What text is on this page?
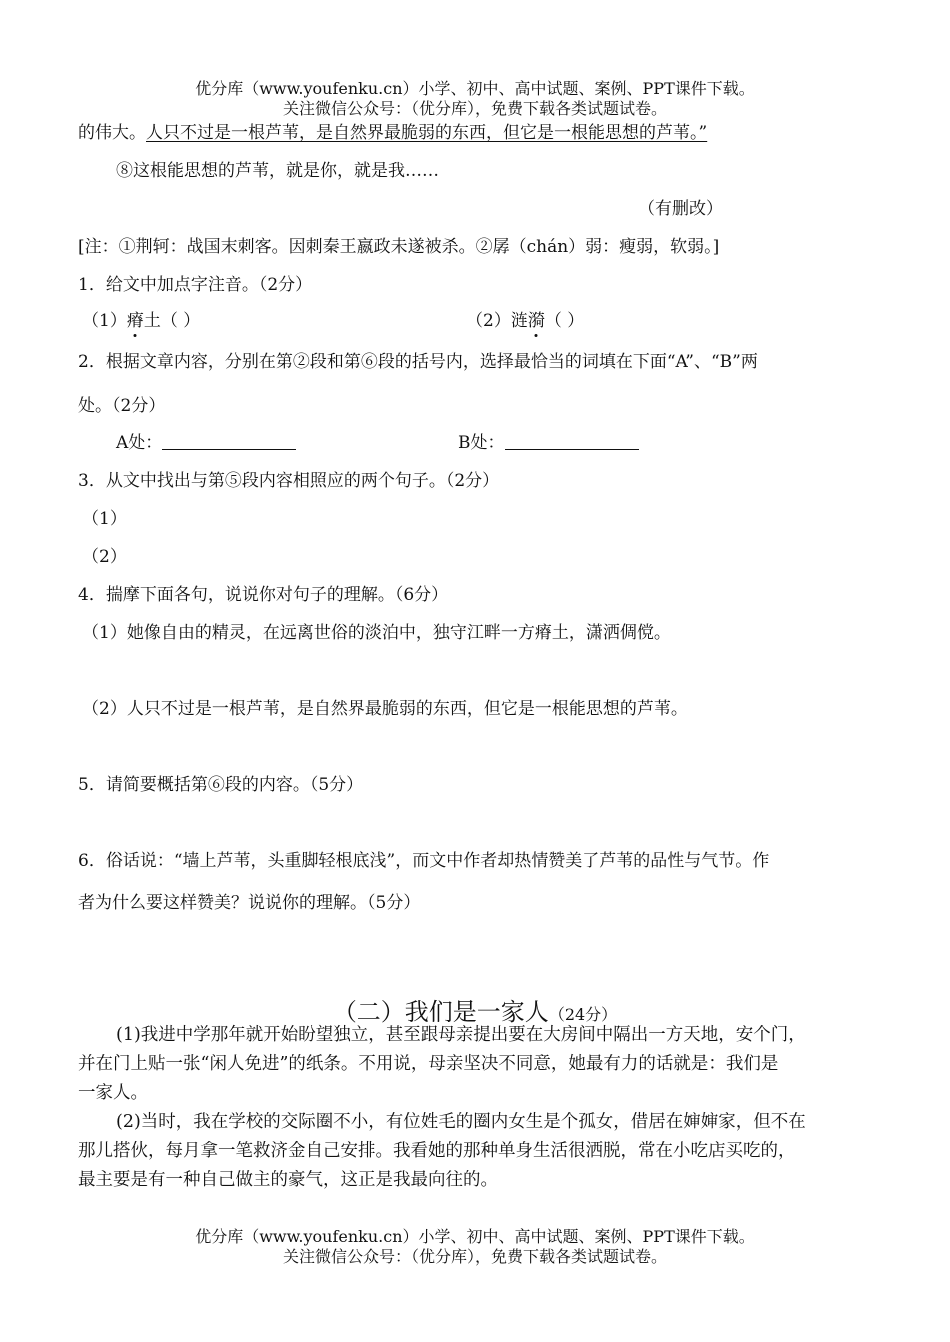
优分库（www.youfenku.cn）小学、初中、高中试题、案例、PPT课件下载。
关注微信公众号：（优分库），免费下载各类试题试卷。
的伟大。人只不过是一根芦苇，是自然界最脆弱的东西，但它是一根能思想的芦苇。”
⑧这根能思想的芦苇，就是你，就是我……
（有删改）
[注：①荆轲：战国末刺客。因刺秦王嬴政未遂被杀。②孱（chán）弱：瘦弱，软弱。]
1．给文中加点字注音。（2分）
（1）瘠土（ ）	（2）涟漪（ ）
2．根据文章内容，分别在第②段和第⑥段的括号内，选择最恰当的词填在下面“A”、“B”两
处。（2分）
A处：	B处：
3．从文中找出与第⑤段内容相照应的两个句子。（2分）
（1）
（2）
4．揣摩下面各句，说说你对句子的理解。（6分）
（1）她像自由的精灵，在远离世俗的淡泊中，独守江畔一方瘠土，潇洒倜傥。
（2）人只不过是一根芦苇，是自然界最脆弱的东西，但它是一根能思想的芦苇。
5．请简要概括第⑥段的内容。（5分）
6．俗话说：“墙上芦苇，头重脚轻根底浅”，而文中作者却热情赞美了芦苇的品性与气节。作
者为什么要这样赞美？说说你的理解。（5分）
（二）我们是一家人（24分）
(1)我进中学那年就开始盼望独立，甚至跟母亲提出要在大房间中隔出一方天地，安个门，
并在门上贴一张“闲人免进”的纸条。不用说，母亲坚决不同意，她最有力的话就是：我们是
一家人。
(2)当时，我在学校的交际圈不小，有位姓毛的圈内女生是个孤女，借居在婶婶家，但不在
那儿搭伙，每月拿一笔救济金自己安排。我看她的那种单身生活很洒脱，常在小吃店买吃的，
最主要是有一种自己做主的豪气，这正是我最向往的。
优分库（www.youfenku.cn）小学、初中、高中试题、案例、PPT课件下载。
关注微信公众号：（优分库），免费下载各类试题试卷。
